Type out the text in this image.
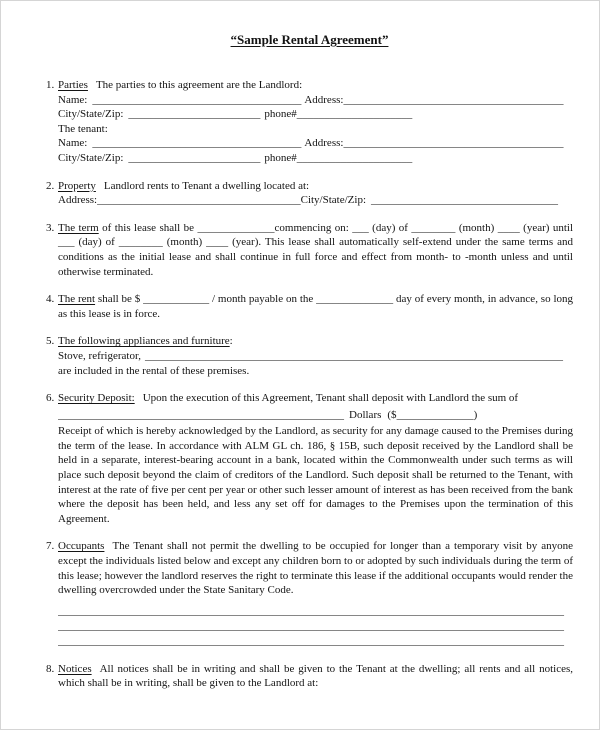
“Sample Rental Agreement”
1. Parties The parties to this agreement are the Landlord:
Name: ______________________________________ Address:________________________________________
City/State/Zip: ________________________ phone#_____________________
The tenant:
Name: ______________________________________ Address:________________________________________
City/State/Zip: ________________________ phone#_____________________
2. Property Landlord rents to Tenant a dwelling located at:
Address:_____________________________________City/State/Zip: __________________________________
3. The term of this lease shall be ______________commencing on: ___ (day) of ________ (month) ____ (year) until ___ (day) of ________ (month) ____ (year). This lease shall automatically self-extend under the same terms and conditions as the initial lease and shall continue in full force and effect from month- to -month unless and until otherwise terminated.
4. The rent shall be $ ____________ / month payable on the ______________ day of every month, in advance, so long as this lease is in force.
5. The following appliances and furniture:
Stove, refrigerator, ____________________________________________________________________________
are included in the rental of these premises.
6. Security Deposit: Upon the execution of this Agreement, Tenant shall deposit with Landlord the sum of
____________________________________________________ Dollars ($______________)
Receipt of which is hereby acknowledged by the Landlord, as security for any damage caused to the Premises during the term of the lease. In accordance with ALM GL ch. 186, § 15B, such deposit received by the Landlord shall be held in a separate, interest-bearing account in a bank, located within the Commonwealth under such terms as will place such deposit beyond the claim of creditors of the Landlord. Such deposit shall be returned to the Tenant, with interest at the rate of five per cent per year or other such lesser amount of interest as has been received from the bank where the deposit has been held, and less any set off for damages to the Premises upon the termination of this Agreement.
7. Occupants The Tenant shall not permit the dwelling to be occupied for longer than a temporary visit by anyone except the individuals listed below and except any children born to or adopted by such individuals during the term of this lease; however the landlord reserves the right to terminate this lease if the additional occupants would render the dwelling overcrowded under the State Sanitary Code.
____________________________________________________________________________________________
____________________________________________________________________________________________
____________________________________________________________________________________________
8. Notices All notices shall be in writing and shall be given to the Tenant at the dwelling; all rents and all notices, which shall be in writing, shall be given to the Landlord at:
